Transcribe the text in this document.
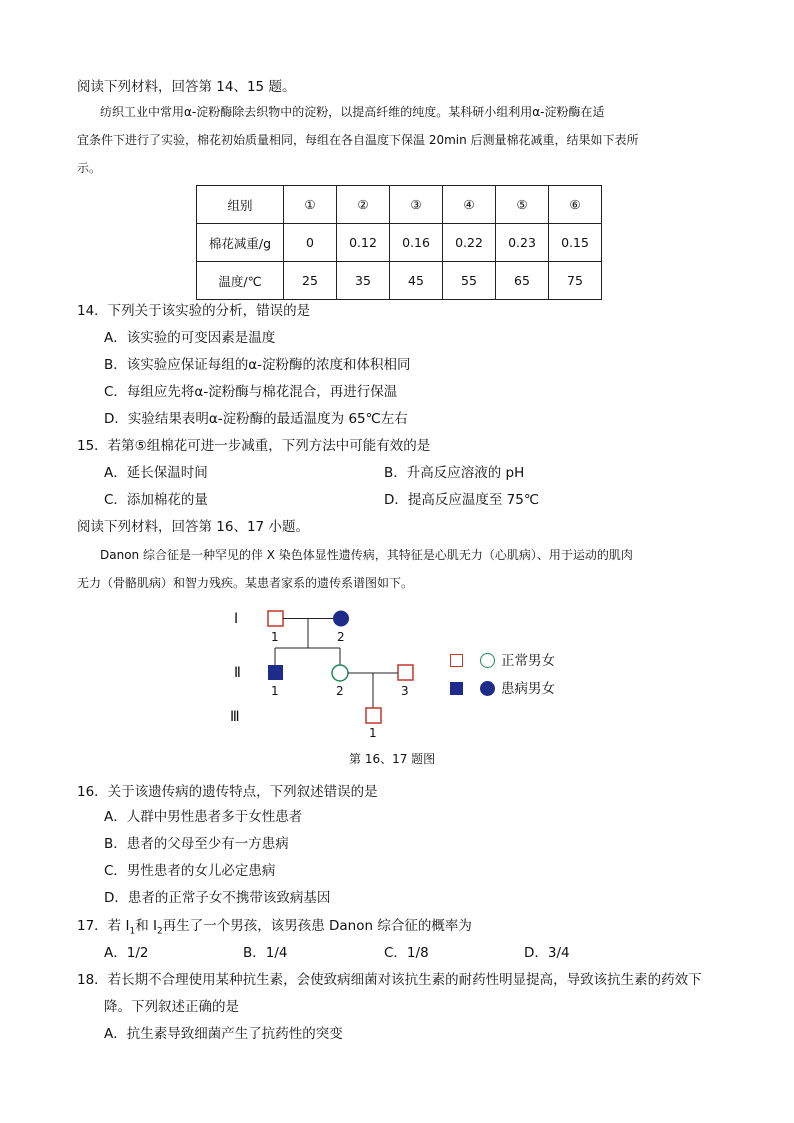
阅读下列材料，回答第 14、15 题。
纺织工业中常用α-淀粉酶除去织物中的淀粉，以提高纤维的纯度。某科研小组利用α-淀粉酶在适
宜条件下进行了实验，棉花初始质量相同，每组在各自温度下保温 20min 后测量棉花减重，结果如下表所
示。
组别	①	②	③	④	⑤	⑥
棉花减重/g	0	0.12	0.16	0.22	0.23	0.15
温度/℃	25	35	45	55	65	75
14．下列关于该实验的分析，错误的是
A．该实验的可变因素是温度
B．该实验应保证每组的α-淀粉酶的浓度和体积相同
C．每组应先将α-淀粉酶与棉花混合，再进行保温
D．实验结果表明α-淀粉酶的最适温度为 65℃左右
15．若第⑤组棉花可进一步减重，下列方法中可能有效的是
A．延长保温时间	B．升高反应溶液的 pH
C．添加棉花的量	D．提高反应温度至 75℃
阅读下列材料，回答第 16、17 小题。
Danon 综合征是一种罕见的伴 X 染色体显性遗传病，其特征是心肌无力（心肌病）、用于运动的肌肉
无力（骨骼肌病）和智力残疾。某患者家系的遗传系谱图如下。
Ⅰ
Ⅱ
Ⅲ
1	2
1	2	3
1
正常男女
患病男女
第 16、17 题图
16．关于该遗传病的遗传特点，下列叙述错误的是
A．人群中男性患者多于女性患者
B．患者的父母至少有一方患病
C．男性患者的女儿必定患病
D．患者的正常子女不携带该致病基因
17．若 $Ⅰ_1$和 $Ⅰ_2$再生了一个男孩，该男孩患 Danon 综合征的概率为
A．1/2	B．1/4	C．1/8	D．3/4
18．若长期不合理使用某种抗生素，会使致病细菌对该抗生素的耐药性明显提高，导致该抗生素的药效下
降。下列叙述正确的是
A．抗生素导致细菌产生了抗药性的突变
